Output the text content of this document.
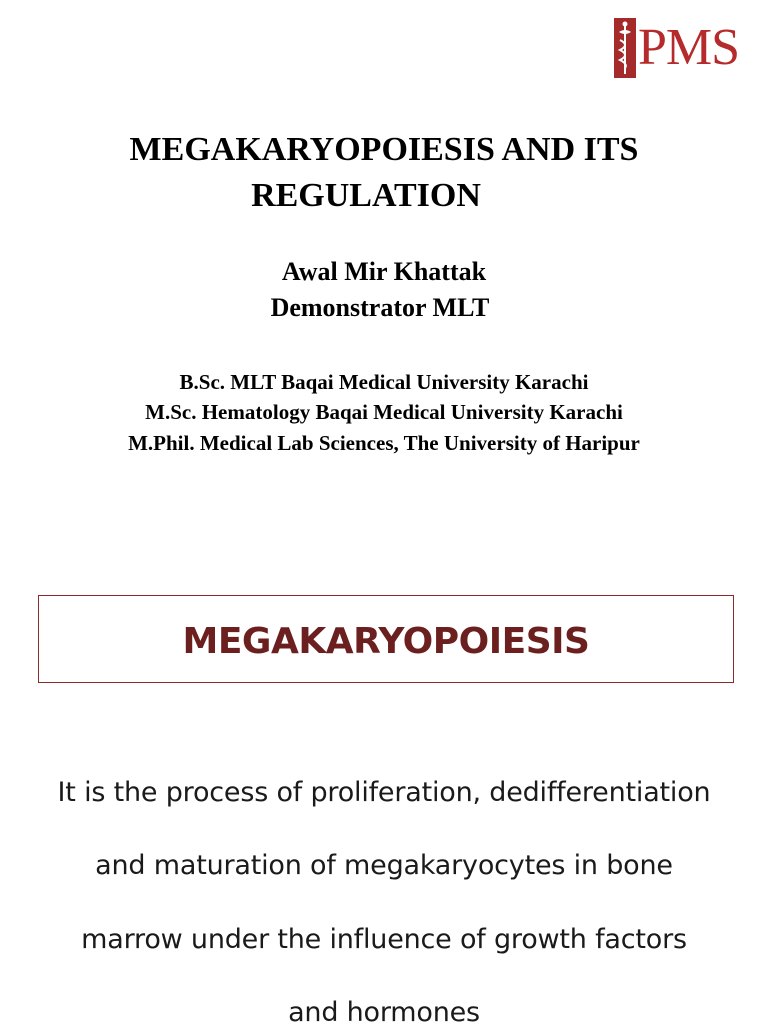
PMS
MEGAKARYOPOIESIS AND ITS
REGULATION
Awal Mir Khattak
Demonstrator MLT
B.Sc. MLT Baqai Medical University Karachi
M.Sc. Hematology Baqai Medical University Karachi
M.Phil. Medical Lab Sciences, The University of Haripur
MEGAKARYOPOIESIS
It is the process of proliferation, dedifferentiation
and maturation of megakaryocytes in bone
marrow under the influence of growth factors
and hormones
